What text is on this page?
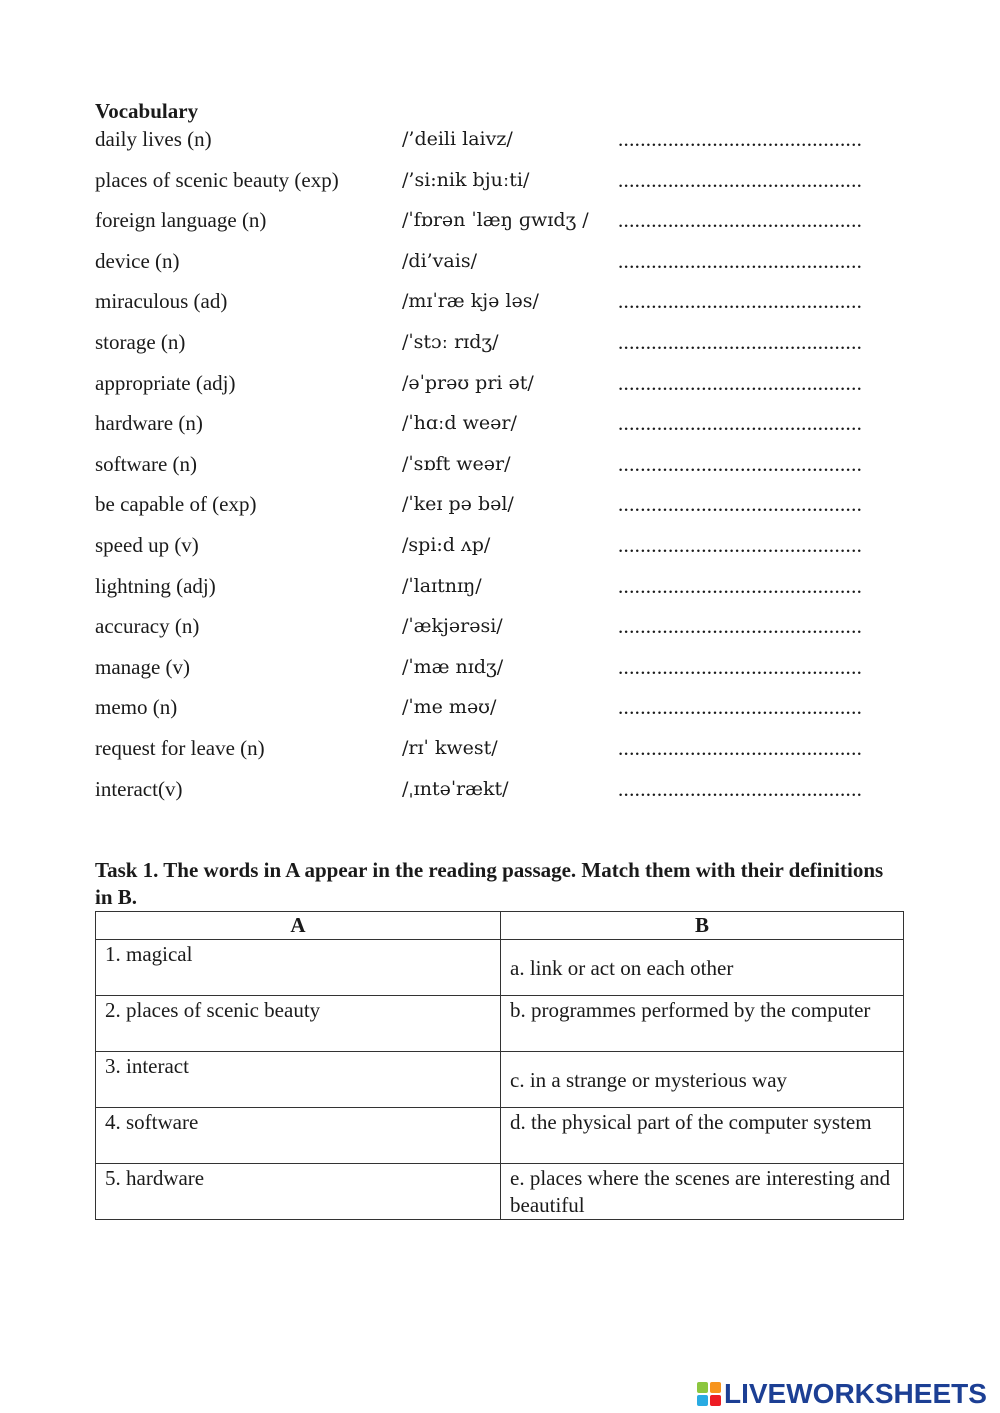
Vocabulary
daily lives (n)	/’deili laivz/	............................................
places of scenic beauty (exp)	/’si:nik bjuːti/	............................................
foreign language (n)	/ˈfɒrən ˈlæŋ ɡwɪdʒ / ............................................
device (n)	/di’vais/	............................................
miraculous (ad)	/mɪˈræ kjə ləs/	............................................
storage (n)	/ˈstɔː rɪdʒ/	............................................
appropriate (adj)	/əˈprəʊ pri ət/	............................................
hardware (n)	/ˈhɑːd weər/	............................................
software (n)	/ˈsɒft weər/	............................................
be capable of (exp)	/ˈkeɪ pə bəl/	............................................
speed up (v)	/spi:d ʌp/	............................................
lightning (adj)	/ˈlaɪtnɪŋ/	............................................
accuracy (n)	/ˈækjərəsi/	............................................
manage (v)	/ˈmæ nɪdʒ/	............................................
memo (n)	/ˈme məʊ/	............................................
request for leave (n)	/rɪˈ kwest/	............................................
interact(v)	/ˌɪntəˈrækt/	............................................
Task 1. The words in A appear in the reading passage. Match them with their definitions in B.
A	B
1. magical	a. link or act on each other
2. places of scenic beauty	b. programmes performed by the computer
3. interact	c. in a strange or mysterious way
4. software	d. the physical part of the computer system
5. hardware	e. places where the scenes are interesting and beautiful
LIVEWORKSHEETS
